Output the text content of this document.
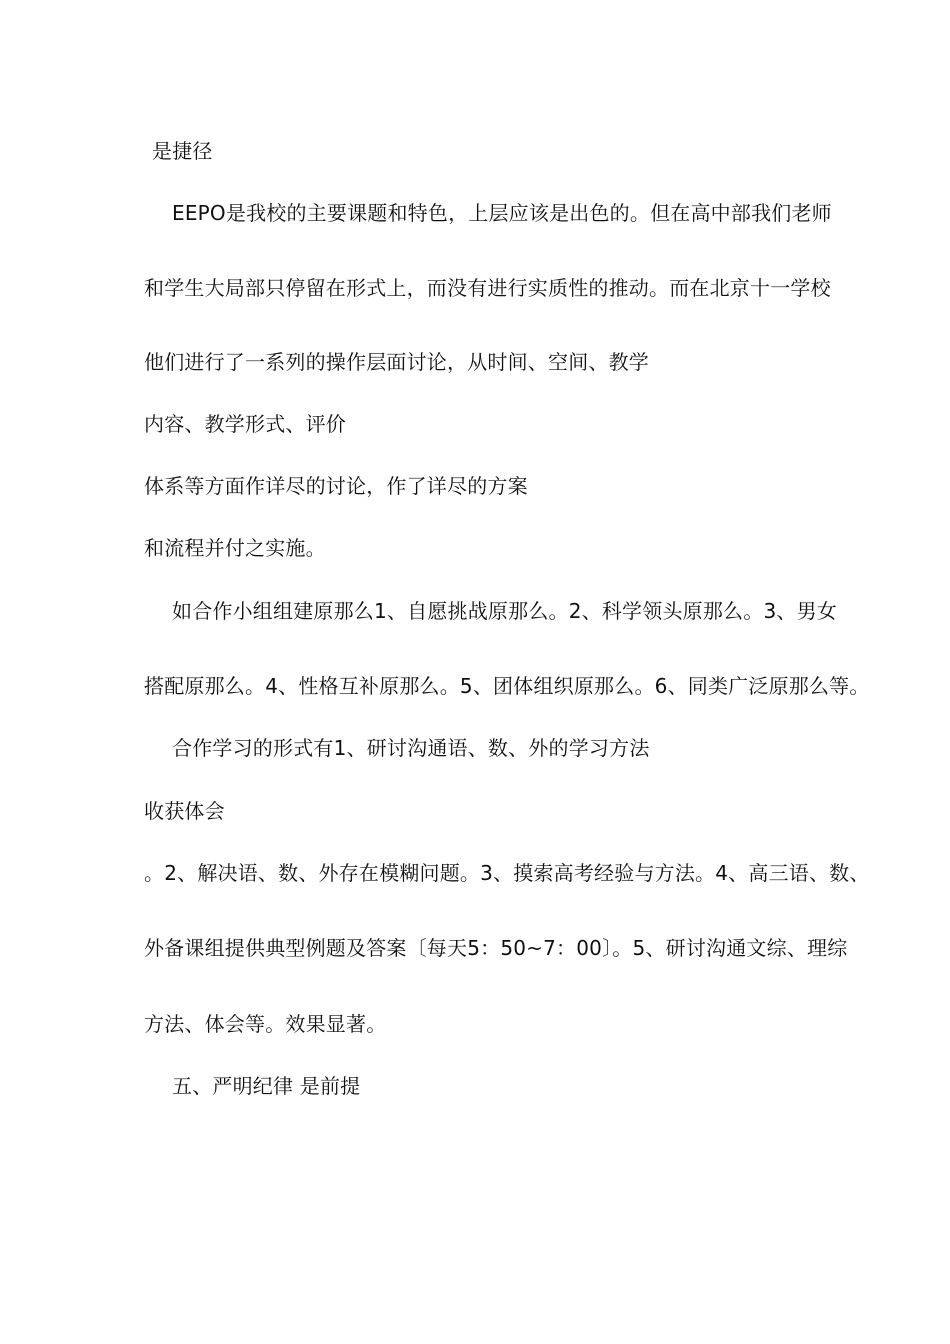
是捷径

EEPO是我校的主要课题和特色，上层应该是出色的。但在高中部我们老师

和学生大局部只停留在形式上，而没有进行实质性的推动。而在北京十一学校

他们进行了一系列的操作层面讨论，从时间、空间、教学

内容、教学形式、评价

体系等方面作详尽的讨论，作了详尽的方案

和流程并付之实施。

如合作小组组建原那么1、自愿挑战原那么。2、科学领头原那么。3、男女

搭配原那么。4、性格互补原那么。5、团体组织原那么。6、同类广泛原那么等。

合作学习的形式有1、研讨沟通语、数、外的学习方法

收获体会

。2、解决语、数、外存在模糊问题。3、摸索高考经验与方法。4、高三语、数、

外备课组提供典型例题及答案〔每天5：50~7：00〕。5、研讨沟通文综、理综

方法、体会等。效果显著。

五、严明纪律 是前提
